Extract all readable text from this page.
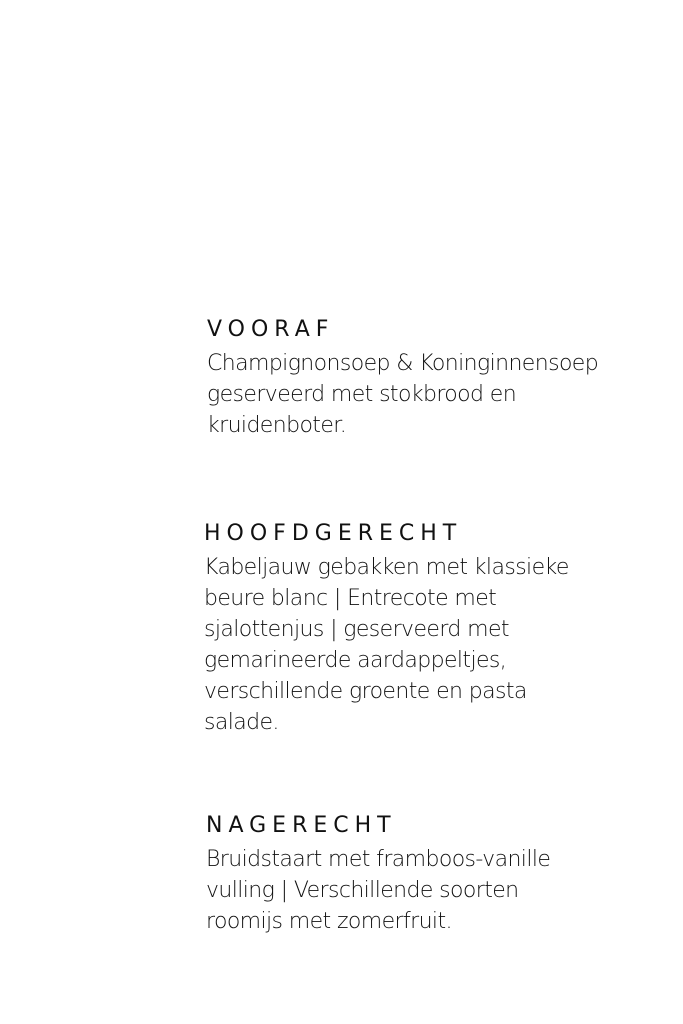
VOORAF

Champignonsoep & Koninginnensoep
geserveerd met stokbrood en
kruidenboter.

HOOFDGERECHT

Kabeljauw gebakken met klassieke
beure blanc | Entrecote met
sjalottenjus | geserveerd met
gemarineerde aardappeltjes,
verschillende groente en pasta
salade.

NAGERECHT

Bruidstaart met framboos-vanille
vulling | Verschillende soorten
roomijs met zomerfruit.
